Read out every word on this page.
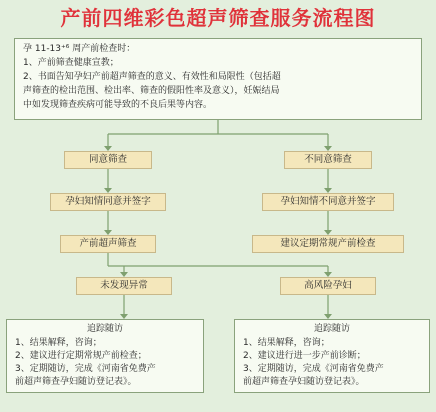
产前四维彩色超声筛查服务流程图
孕 11-13⁺⁶ 周产前检查时：
1、产前筛查健康宣教；
2、书面告知孕妇产前超声筛查的意义、有效性和局限性（包括超
声筛查的检出范围、检出率、筛查的假阳性率及意义），妊娠结局
中如发现筛查疾病可能导致的不良后果等内容。
同意筛查	不同意筛查
孕妇知情同意并签字	孕妇知情不同意并签字
产前超声筛查	建议定期常规产前检查
未发现异常	高风险孕妇
追踪随访
1、结果解释，咨询；
2、建议进行定期常规产前检查；
3、定期随访，完成《河南省免费产
前超声筛查孕妇随访登记表》。
追踪随访
1、结果解释，咨询；
2、建议进行进一步产前诊断；
3、定期随访，完成《河南省免费产
前超声筛查孕妇随访登记表》。
